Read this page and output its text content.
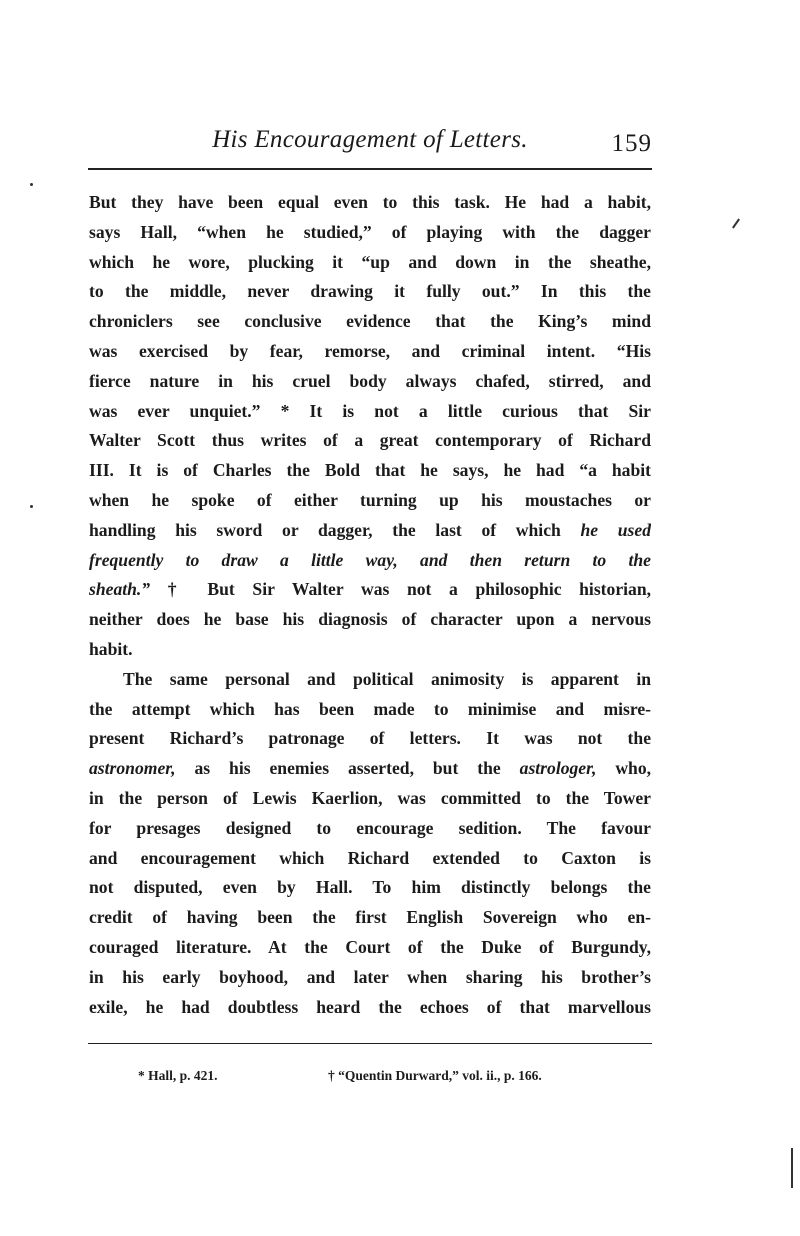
His Encouragement of Letters.	159
But they have been equal even to this task. He had a habit,
says Hall, “when he studied,” of playing with the dagger
which he wore, plucking it “up and down in the sheathe,
to the middle, never drawing it fully out.” In this the
chroniclers see conclusive evidence that the King’s mind
was exercised by fear, remorse, and criminal intent. “His
fierce nature in his cruel body always chafed, stirred, and
was ever unquiet.” * It is not a little curious that Sir
Walter Scott thus writes of a great contemporary of Richard
III. It is of Charles the Bold that he says, he had “a habit
when he spoke of either turning up his moustaches or
handling his sword or dagger, the last of which he used
frequently to draw a little way, and then return to the
sheath.” † But Sir Walter was not a philosophic historian,
neither does he base his diagnosis of character upon a nervous
habit.
The same personal and political animosity is apparent in
the attempt which has been made to minimise and misre-
present Richard’s patronage of letters. It was not the
astronomer, as his enemies asserted, but the astrologer, who,
in the person of Lewis Kaerlion, was committed to the Tower
for presages designed to encourage sedition. The favour
and encouragement which Richard extended to Caxton is
not disputed, even by Hall. To him distinctly belongs the
credit of having been the first English Sovereign who en-
couraged literature. At the Court of the Duke of Burgundy,
in his early boyhood, and later when sharing his brother’s
exile, he had doubtless heard the echoes of that marvellous
* Hall, p. 421.	† “Quentin Durward,” vol. ii., p. 166.
